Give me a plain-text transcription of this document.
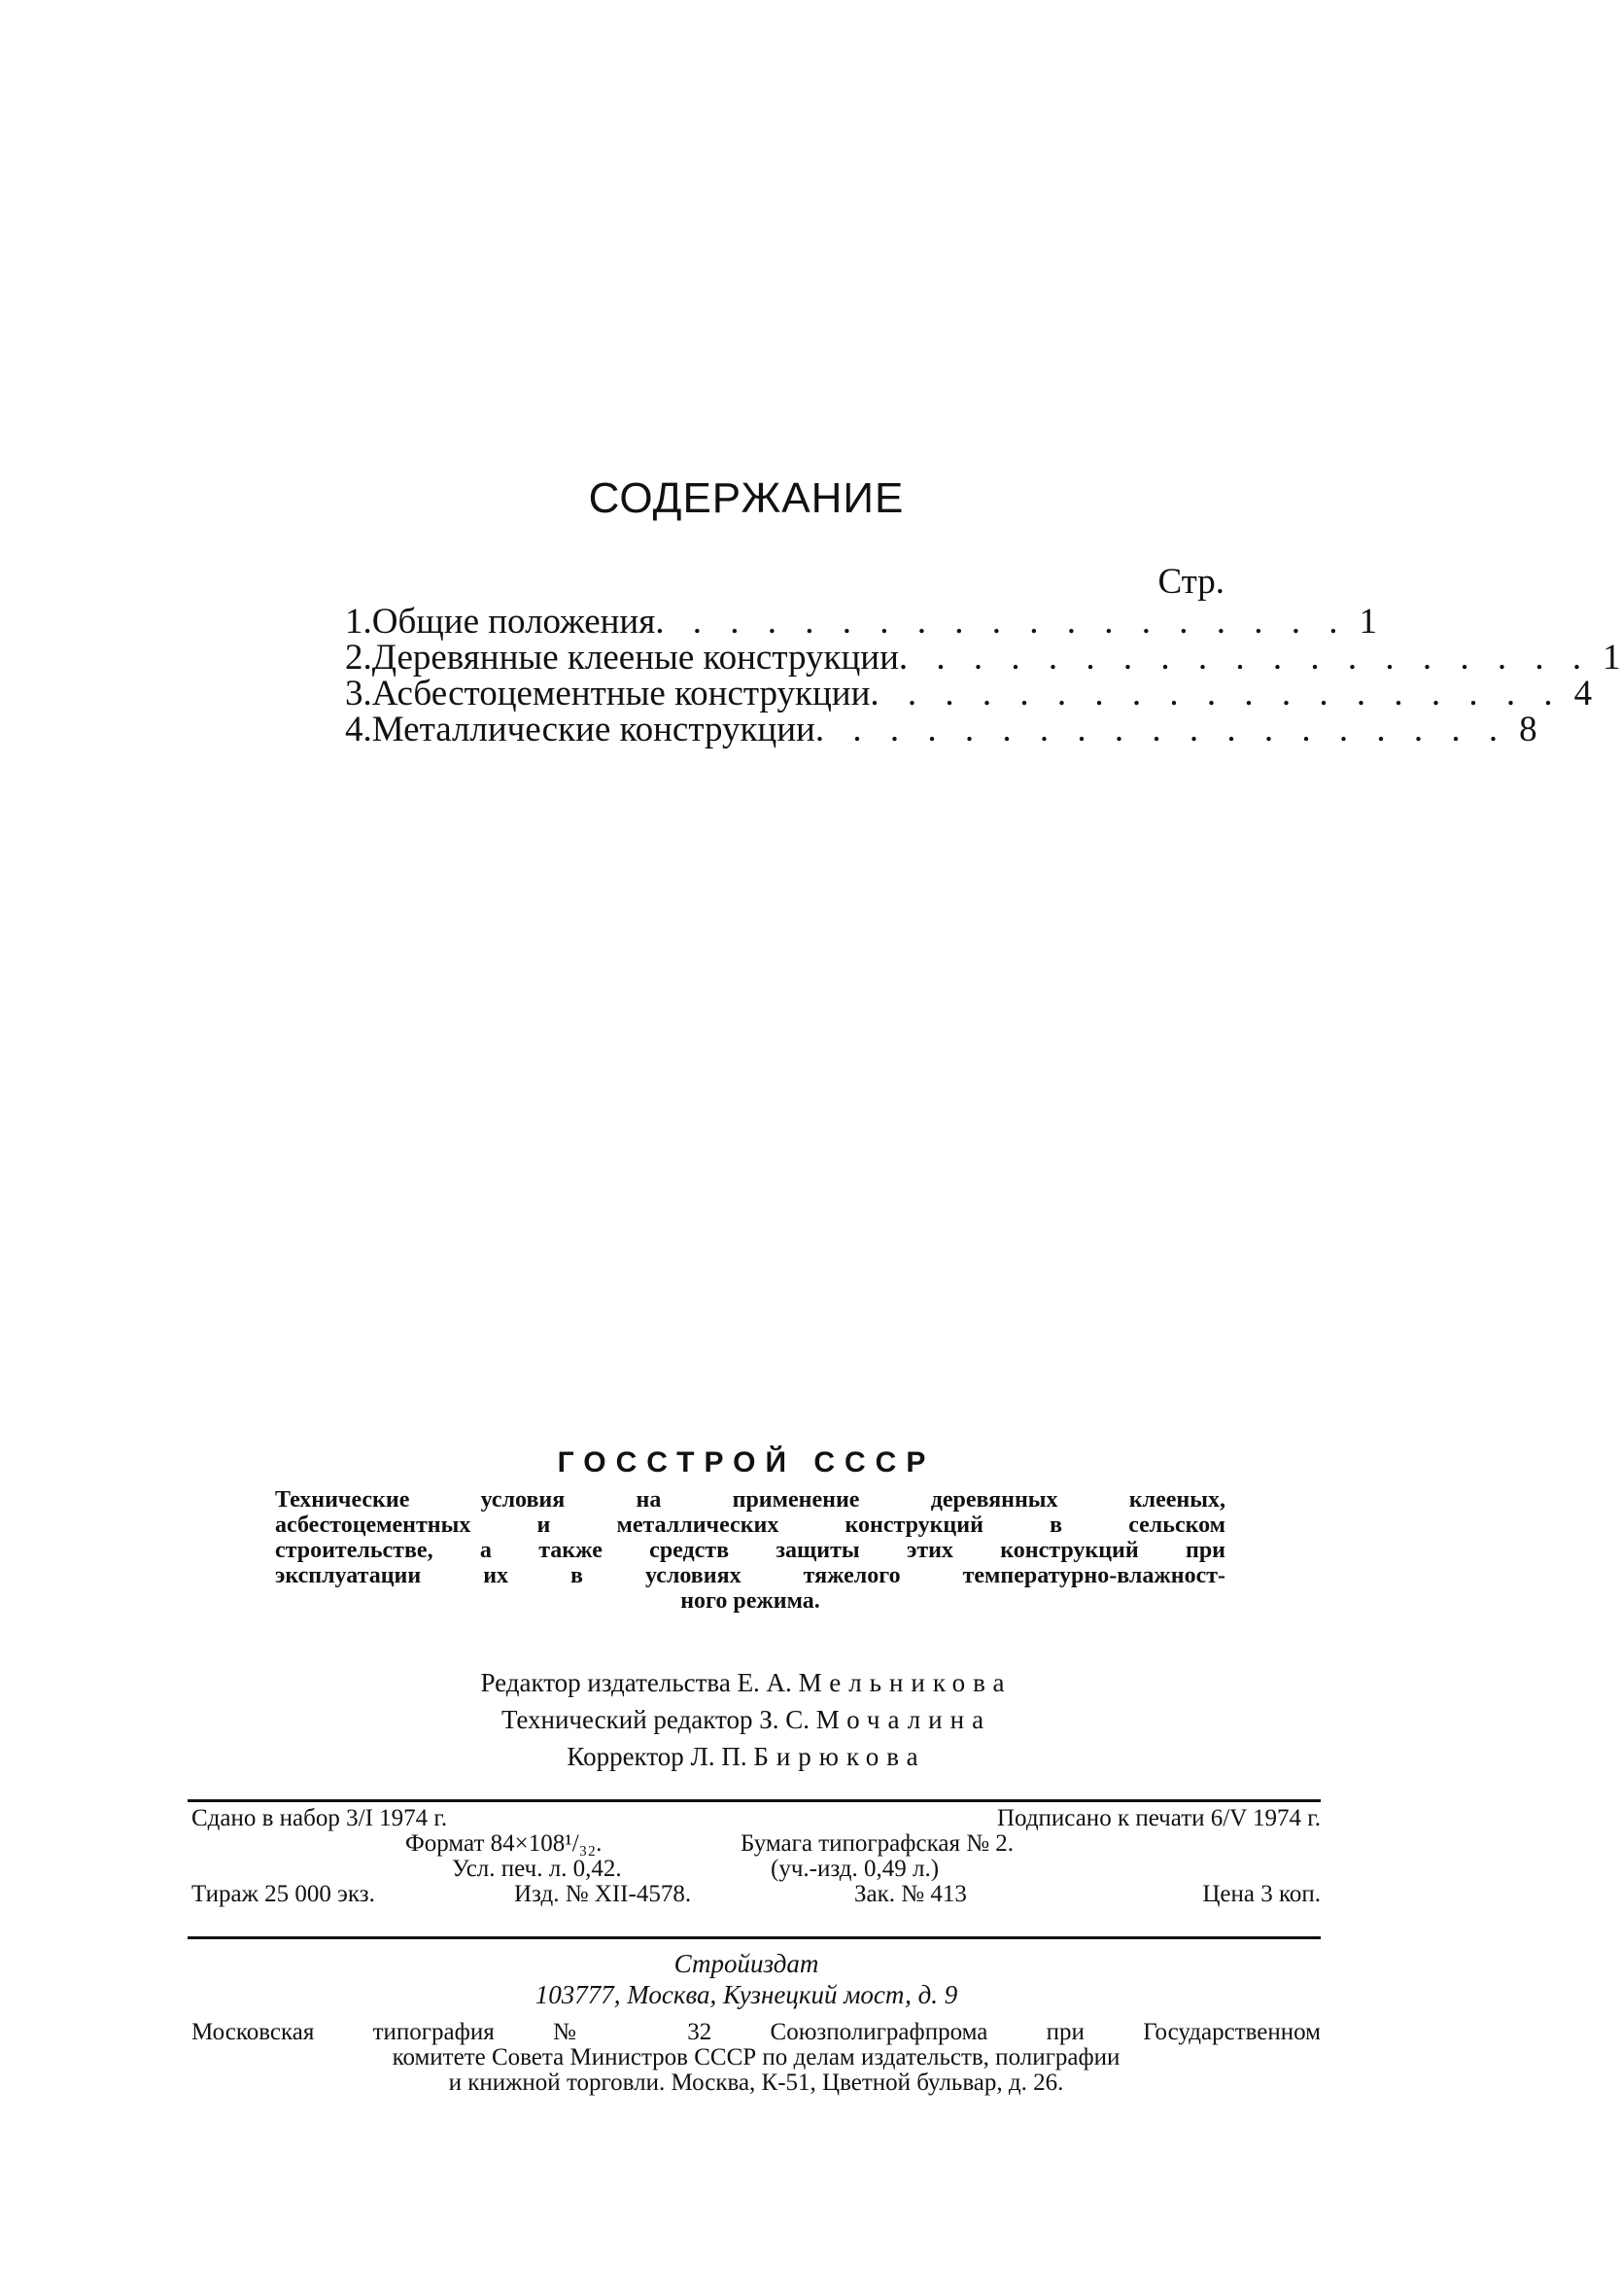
СОДЕРЖАНИЕ
Стр.
1. Общие положения . . . . . . . . . . . . . . . . . . . 1
2. Деревянные клееные конструкции . . . . . . . . . . . . . . . . . . . 1
3. Асбестоцементные конструкции . . . . . . . . . . . . . . . . . . . 4
4. Металлические конструкции . . . . . . . . . . . . . . . . . . . 8
ГОССТРОЙ СССР
Технические условия на применение деревянных клееных,
асбестоцементных и металлических конструкций в сельском
строительстве, а также средств защиты этих конструкций при
эксплуатации их в условиях тяжелого температурно-влажност-
ного режима.
Редактор издательства Е. А. Мельникова
Технический редактор З. С. Мочалина
Корректор Л. П. Бирюкова
Сдано в набор 3/I 1974 г.	Подписано к печати 6/V 1974 г.
Формат 84×108¹/₃₂.	Бумага типографская № 2.
Усл. печ. л. 0,42.	(уч.-изд. 0,49 л.)
Тираж 25 000 экз.	Изд. № XII-4578.	Зак. № 413	Цена 3 коп.
Стройиздат
103777, Москва, Кузнецкий мост, д. 9
Московская типография № 32 Союзполиграфпрома при Государственном
комитете Совета Министров СССР по делам издательств, полиграфии
и книжной торговли. Москва, К-51, Цветной бульвар, д. 26.
